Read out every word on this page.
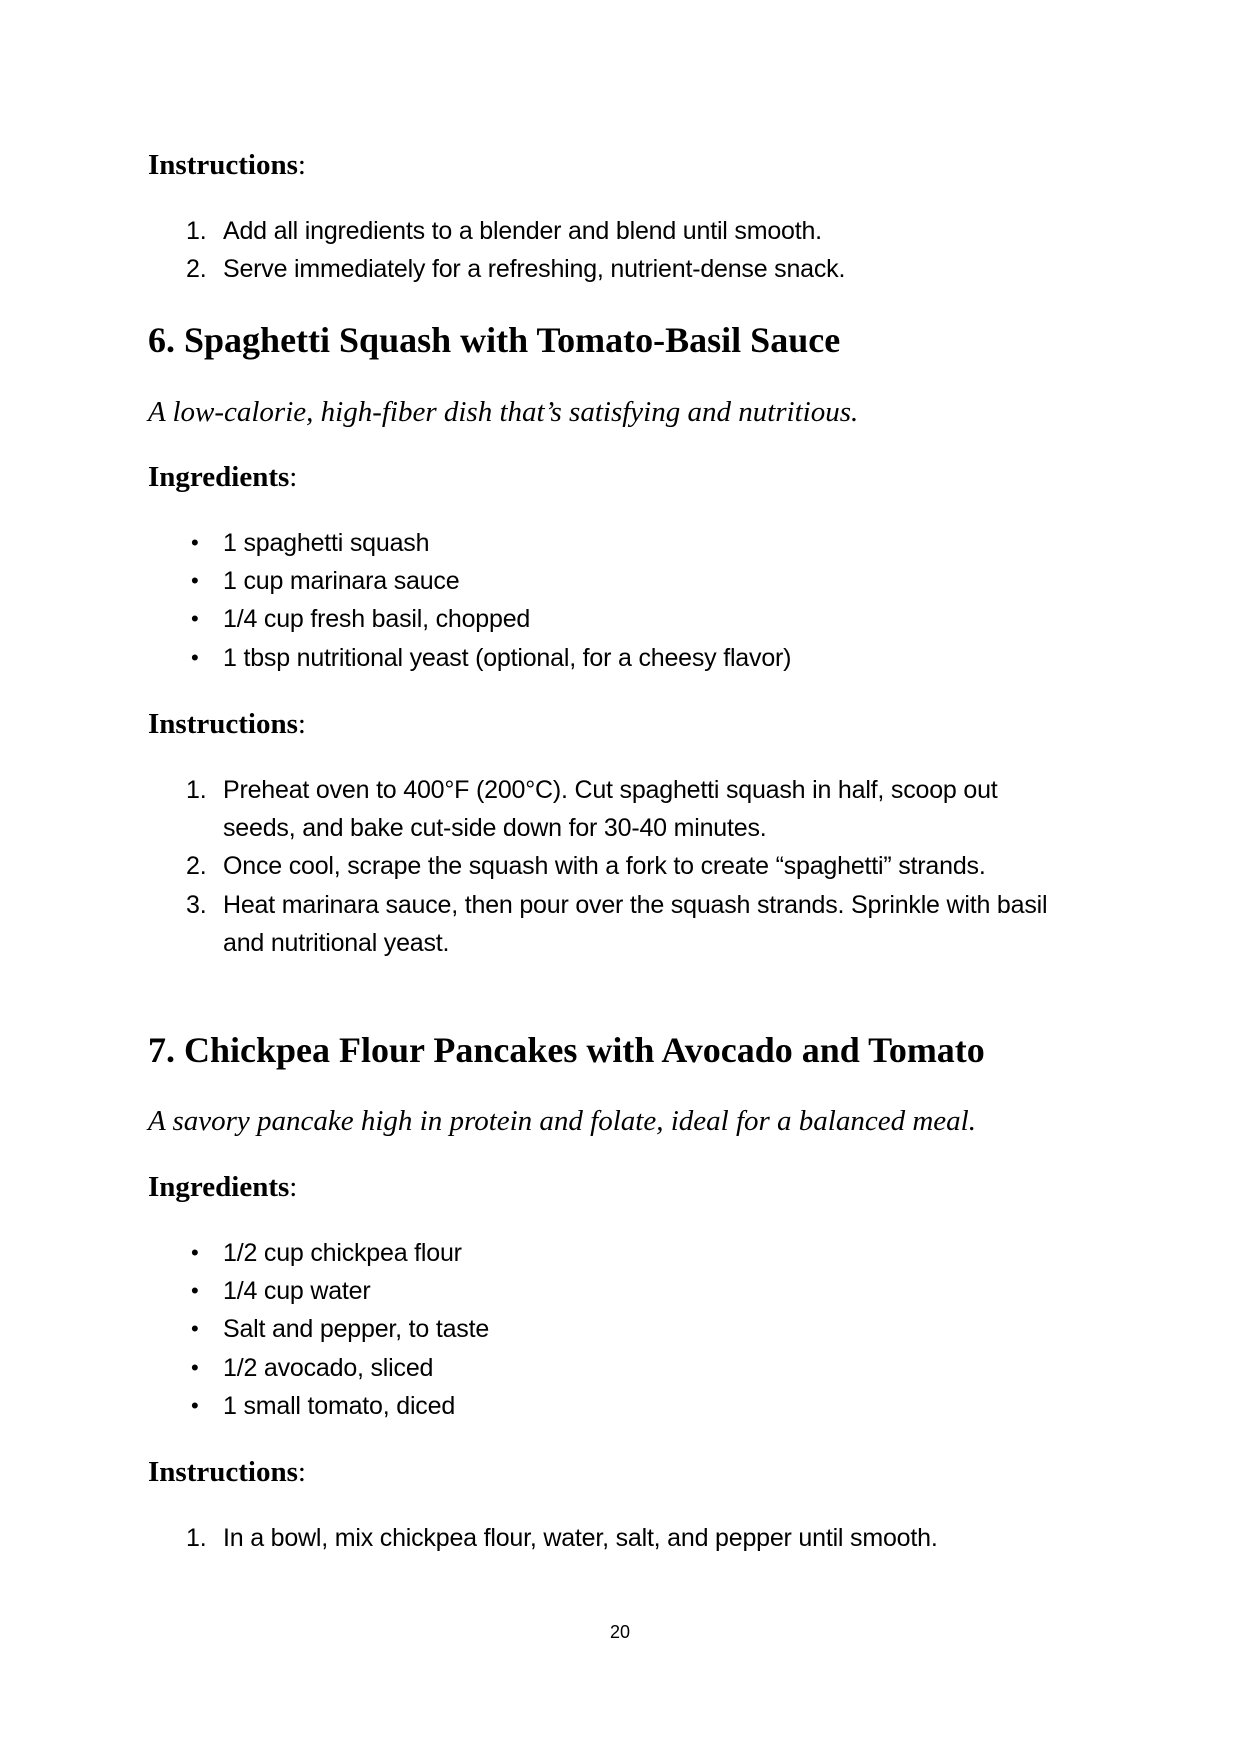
Instructions:
1. Add all ingredients to a blender and blend until smooth.
2. Serve immediately for a refreshing, nutrient-dense snack.
6. Spaghetti Squash with Tomato-Basil Sauce
A low-calorie, high-fiber dish that’s satisfying and nutritious.
Ingredients:
• 1 spaghetti squash
• 1 cup marinara sauce
• 1/4 cup fresh basil, chopped
• 1 tbsp nutritional yeast (optional, for a cheesy flavor)
Instructions:
1. Preheat oven to 400°F (200°C). Cut spaghetti squash in half, scoop out seeds, and bake cut-side down for 30-40 minutes.
2. Once cool, scrape the squash with a fork to create “spaghetti” strands.
3. Heat marinara sauce, then pour over the squash strands. Sprinkle with basil and nutritional yeast.
7. Chickpea Flour Pancakes with Avocado and Tomato
A savory pancake high in protein and folate, ideal for a balanced meal.
Ingredients:
• 1/2 cup chickpea flour
• 1/4 cup water
• Salt and pepper, to taste
• 1/2 avocado, sliced
• 1 small tomato, diced
Instructions:
1. In a bowl, mix chickpea flour, water, salt, and pepper until smooth.
20
